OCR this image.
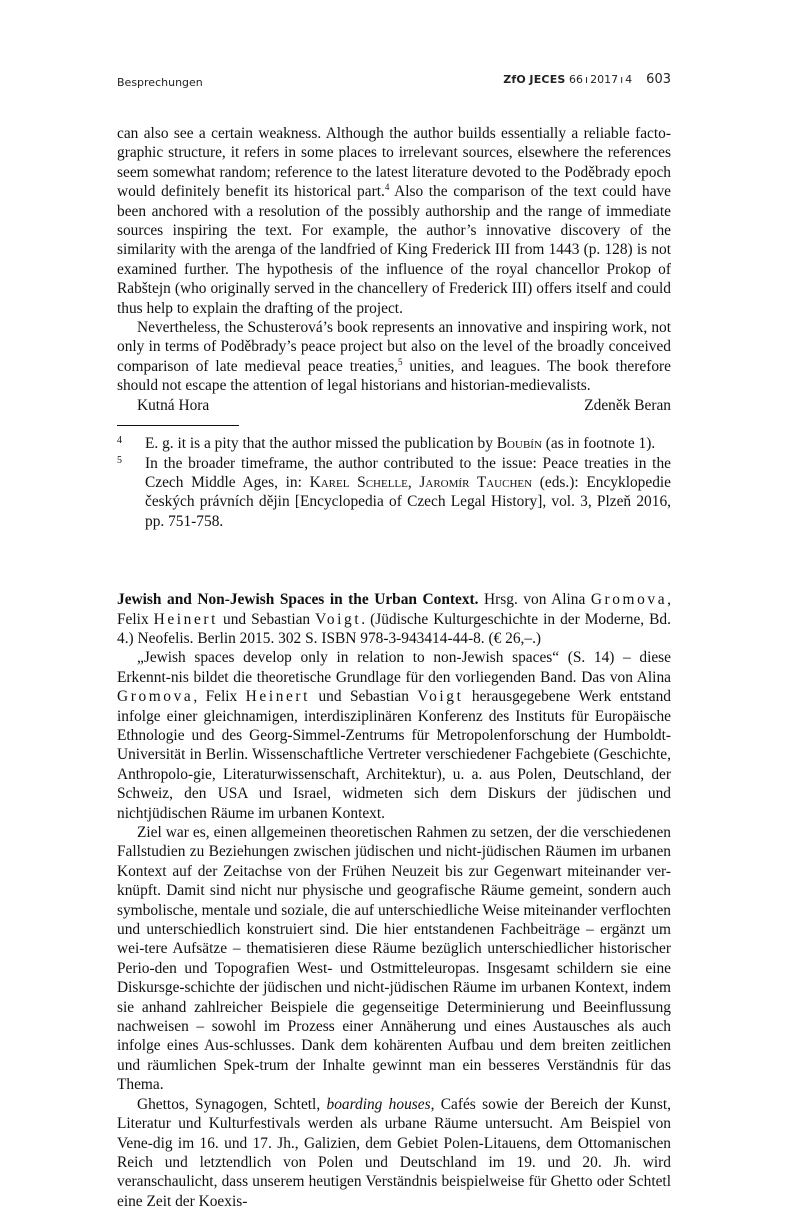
Besprechungen	ZfO JECES 66 ı 2017 ı 4 603

can also see a certain weakness. Although the author builds essentially a reliable facto-graphic structure, it refers in some places to irrelevant sources, elsewhere the references seem somewhat random; reference to the latest literature devoted to the Poděbrady epoch would definitely benefit its historical part.$^4$ Also the comparison of the text could have been anchored with a resolution of the possibly authorship and the range of immediate sources inspiring the text. For example, the author’s innovative discovery of the similarity with the arenga of the landfried of King Frederick III from 1443 (p. 128) is not examined further. The hypothesis of the influence of the royal chancellor Prokop of Rabštejn (who originally served in the chancellery of Frederick III) offers itself and could thus help to explain the drafting of the project.

Nevertheless, the Schusterová’s book represents an innovative and inspiring work, not only in terms of Poděbrady’s peace project but also on the level of the broadly conceived comparison of late medieval peace treaties,$^5$ unities, and leagues. The book therefore should not escape the attention of legal historians and historian-medievalists.

Kutná Hora	Zdeněk Beran
4	E. g. it is a pity that the author missed the publication by Boubín (as in footnote 1).
5	In the broader timeframe, the author contributed to the issue: Peace treaties in the Czech Middle Ages, in: Karel Schelle, Jaromír Tauchen (eds.): Encyklopedie českých právních dějin [Encyclopedia of Czech Legal History], vol. 3, Plzeň 2016, pp. 751-758.

Jewish and Non-Jewish Spaces in the Urban Context. Hrsg. von Alina Gromova, Felix Heinert und Sebastian Voigt. (Jüdische Kulturgeschichte in der Moderne, Bd. 4.) Neofelis. Berlin 2015. 302 S. ISBN 978-3-943414-44-8. (€ 26,–.)

„Jewish spaces develop only in relation to non-Jewish spaces“ (S. 14) – diese Erkennt-nis bildet die theoretische Grundlage für den vorliegenden Band. Das von Alina Gromova, Felix Heinert und Sebastian Voigt herausgegebene Werk entstand infolge einer gleichnamigen, interdisziplinären Konferenz des Instituts für Europäische Ethnologie und des Georg-Simmel-Zentrums für Metropolenforschung der Humboldt-Universität in Berlin. Wissenschaftliche Vertreter verschiedener Fachgebiete (Geschichte, Anthropolo-gie, Literaturwissenschaft, Architektur), u. a. aus Polen, Deutschland, der Schweiz, den USA und Israel, widmeten sich dem Diskurs der jüdischen und nichtjüdischen Räume im urbanen Kontext.

Ziel war es, einen allgemeinen theoretischen Rahmen zu setzen, der die verschiedenen Fallstudien zu Beziehungen zwischen jüdischen und nicht-jüdischen Räumen im urbanen Kontext auf der Zeitachse von der Frühen Neuzeit bis zur Gegenwart miteinander ver-knüpft. Damit sind nicht nur physische und geografische Räume gemeint, sondern auch symbolische, mentale und soziale, die auf unterschiedliche Weise miteinander verflochten und unterschiedlich konstruiert sind. Die hier entstandenen Fachbeiträge – ergänzt um wei-tere Aufsätze – thematisieren diese Räume bezüglich unterschiedlicher historischer Perio-den und Topografien West- und Ostmitteleuropas. Insgesamt schildern sie eine Diskursge-schichte der jüdischen und nicht-jüdischen Räume im urbanen Kontext, indem sie anhand zahlreicher Beispiele die gegenseitige Determinierung und Beeinflussung nachweisen – sowohl im Prozess einer Annäherung und eines Austausches als auch infolge eines Aus-schlusses. Dank dem kohärenten Aufbau und dem breiten zeitlichen und räumlichen Spek-trum der Inhalte gewinnt man ein besseres Verständnis für das Thema.

Ghettos, Synagogen, Schtetl, boarding houses, Cafés sowie der Bereich der Kunst, Literatur und Kulturfestivals werden als urbane Räume untersucht. Am Beispiel von Vene-dig im 16. und 17. Jh., Galizien, dem Gebiet Polen-Litauens, dem Ottomanischen Reich und letztendlich von Polen und Deutschland im 19. und 20. Jh. wird veranschaulicht, dass unserem heutigen Verständnis beispielweise für Ghetto oder Schtetl eine Zeit der Koexis-
